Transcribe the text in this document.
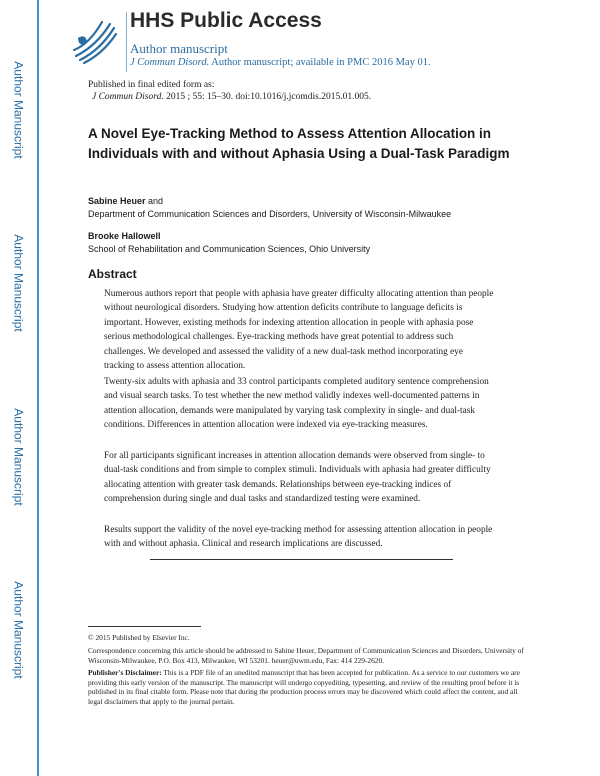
Author Manuscript
Author Manuscript
Author Manuscript
Author Manuscript
HHS Public Access
Author manuscript
J Commun Disord. Author manuscript; available in PMC 2016 May 01.
Published in final edited form as:
J Commun Disord. 2015 ; 55: 15–30. doi:10.1016/j.jcomdis.2015.01.005.
A Novel Eye-Tracking Method to Assess Attention Allocation in Individuals with and without Aphasia Using a Dual-Task Paradigm
Sabine Heuer and
Department of Communication Sciences and Disorders, University of Wisconsin-Milwaukee
Brooke Hallowell
School of Rehabilitation and Communication Sciences, Ohio University
Abstract
Numerous authors report that people with aphasia have greater difficulty allocating attention than people without neurological disorders. Studying how attention deficits contribute to language deficits is important. However, existing methods for indexing attention allocation in people with aphasia pose serious methodological challenges. Eye-tracking methods have great potential to address such challenges. We developed and assessed the validity of a new dual-task method incorporating eye tracking to assess attention allocation.
Twenty-six adults with aphasia and 33 control participants completed auditory sentence comprehension and visual search tasks. To test whether the new method validly indexes well-documented patterns in attention allocation, demands were manipulated by varying task complexity in single- and dual-task conditions. Differences in attention allocation were indexed via eye-tracking measures.
For all participants significant increases in attention allocation demands were observed from single- to dual-task conditions and from simple to complex stimuli. Individuals with aphasia had greater difficulty allocating attention with greater task demands. Relationships between eye-tracking indices of comprehension during single and dual tasks and standardized testing were examined.
Results support the validity of the novel eye-tracking method for assessing attention allocation in people with and without aphasia. Clinical and research implications are discussed.
© 2015 Published by Elsevier Inc.
Correspondence concerning this article should be addressed to Sabine Heuer, Department of Communication Sciences and Disorders, University of Wisconsin-Milwaukee, P.O. Box 413, Milwaukee, WI 53201. heuer@uwm.edu, Fax: 414 229-2620.
Publisher's Disclaimer: This is a PDF file of an unedited manuscript that has been accepted for publication. As a service to our customers we are providing this early version of the manuscript. The manuscript will undergo copyediting, typesetting, and review of the resulting proof before it is published in its final citable form. Please note that during the production process errors may be discovered which could affect the content, and all legal disclaimers that apply to the journal pertain.
